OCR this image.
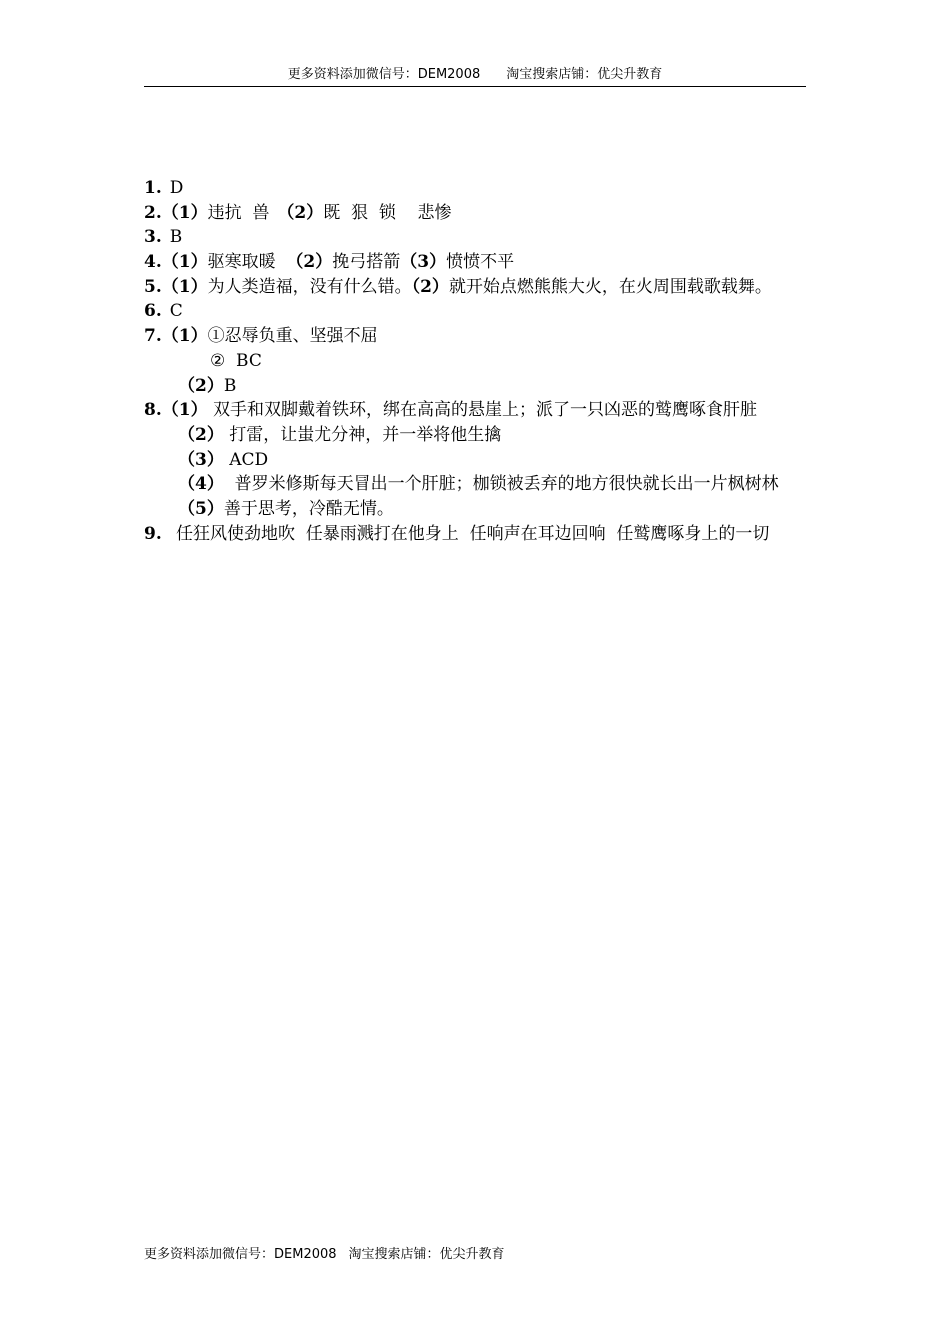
更多资料添加微信号：DEM2008 淘宝搜索店铺：优尖升教育
1. D
2.（1）违抗  兽 （2）既  狠  锁    悲惨
3. B
4.（1）驱寒取暖  （2）挽弓搭箭（3）愤愤不平
5.（1）为人类造福，没有什么错。（2）就开始点燃熊熊大火，在火周围载歌载舞。
6. C
7.（1）①忍辱负重、坚强不屈
②  BC
（2）B
8.（1） 双手和双脚戴着铁环，绑在高高的悬崖上；派了一只凶恶的鹫鹰啄食肝脏
（2） 打雷，让蚩尤分神，并一举将他生擒
（3） ACD
（4）  普罗米修斯每天冒出一个肝脏；枷锁被丢弃的地方很快就长出一片枫树林
（5）善于思考，冷酷无情。
9. 任狂风使劲地吹  任暴雨溅打在他身上  任响声在耳边回响  任鹫鹰啄身上的一切
更多资料添加微信号：DEM2008 淘宝搜索店铺：优尖升教育
